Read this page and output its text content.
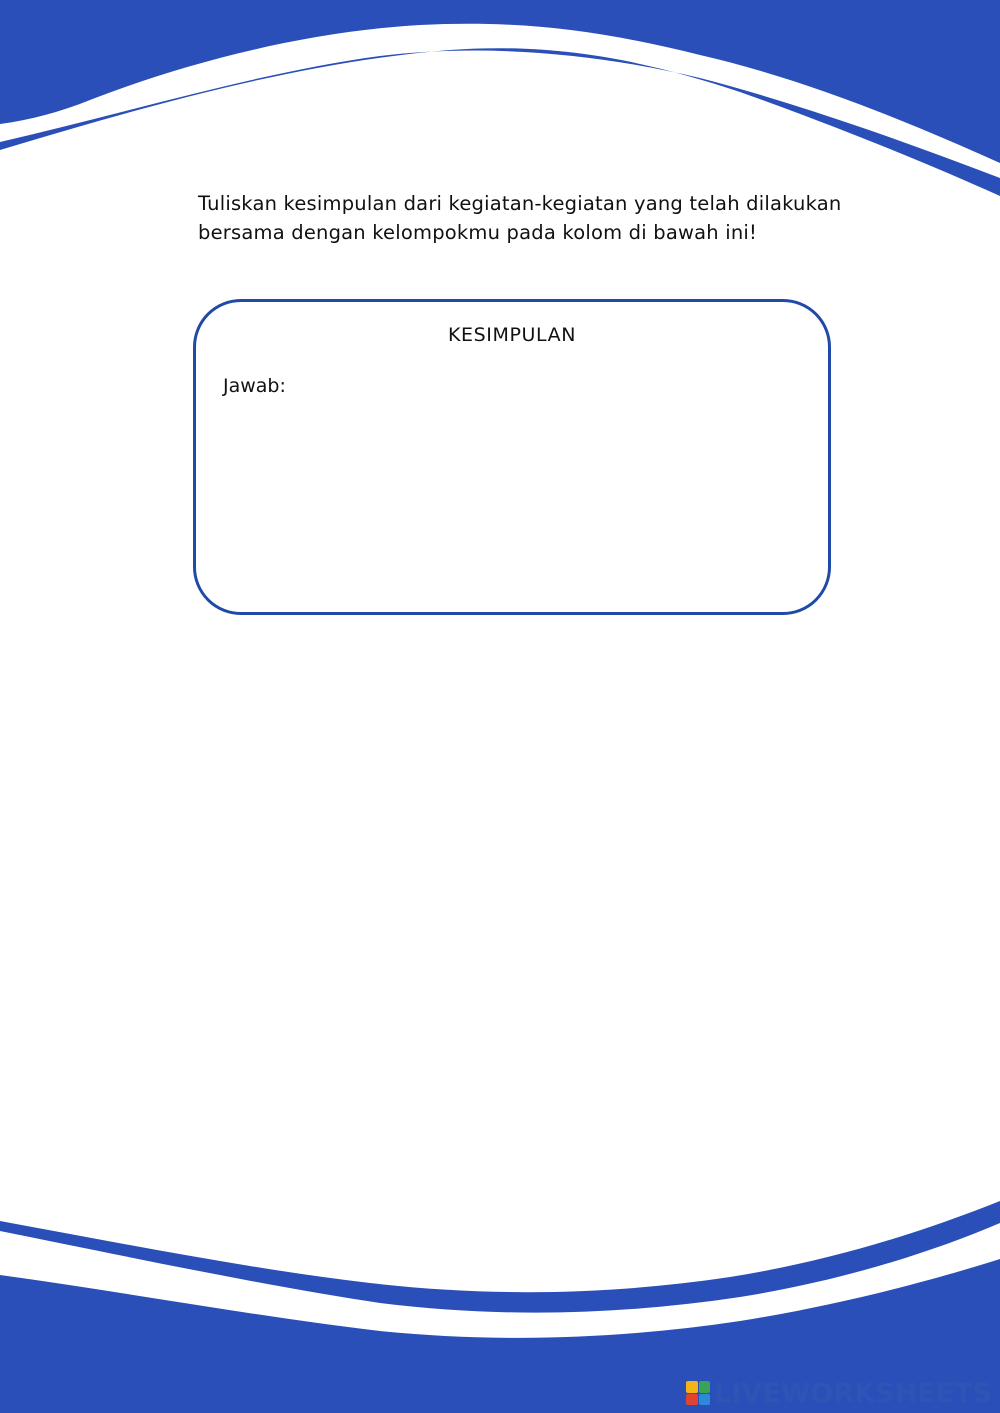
Tuliskan kesimpulan dari kegiatan-kegiatan yang telah dilakukan bersama dengan kelompokmu pada kolom di bawah ini!

KESIMPULAN
Jawab:
LIVEWORKSHEETS
